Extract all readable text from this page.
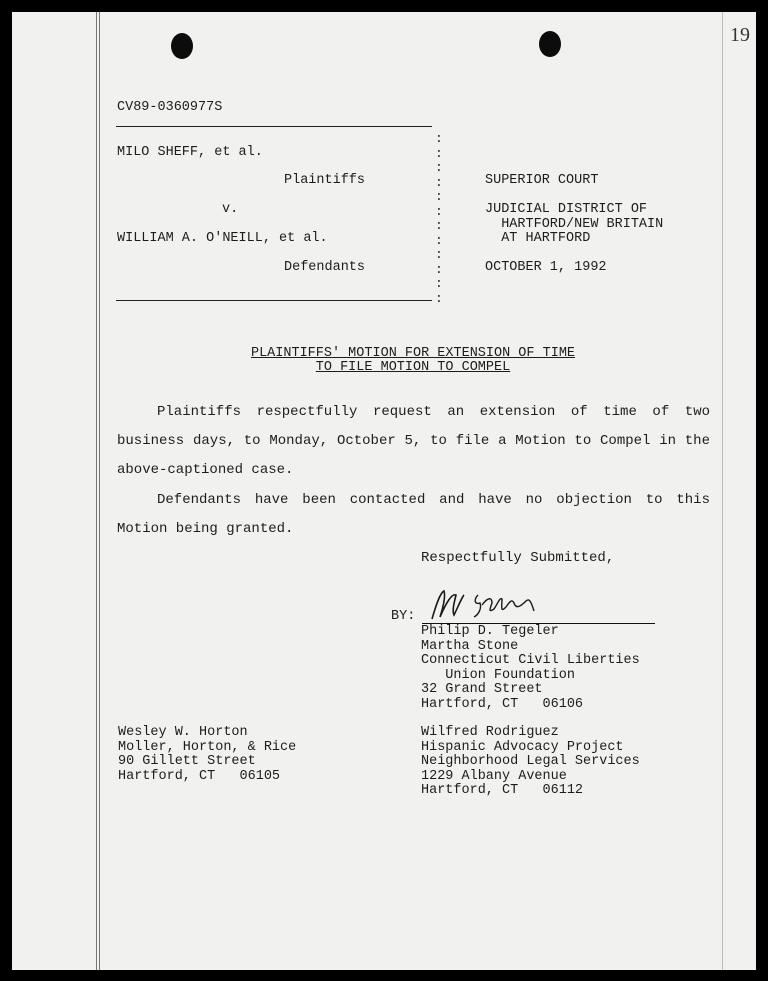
19
CV89-0360977S
:
:
:
:
:
:
:
:
:
:
:
:
MILO SHEFF, et al.
Plaintiffs
v.
WILLIAM A. O'NEILL, et al.
Defendants
SUPERIOR COURT
JUDICIAL DISTRICT OF
HARTFORD/NEW BRITAIN
AT HARTFORD
OCTOBER 1, 1992
PLAINTIFFS' MOTION FOR EXTENSION OF TIME
TO FILE MOTION TO COMPEL
Plaintiffs respectfully request an extension of time of two
business days, to Monday, October 5, to file a Motion to Compel in the
above-captioned case.
Defendants have been contacted and have no objection to this
Motion being granted.
Respectfully Submitted,
BY:
Philip D. Tegeler
Martha Stone
Connecticut Civil Liberties
Union Foundation
32 Grand Street
Hartford, CT   06106
Wesley W. Horton
Moller, Horton, & Rice
90 Gillett Street
Hartford, CT   06105
Wilfred Rodriguez
Hispanic Advocacy Project
Neighborhood Legal Services
1229 Albany Avenue
Hartford, CT   06112
